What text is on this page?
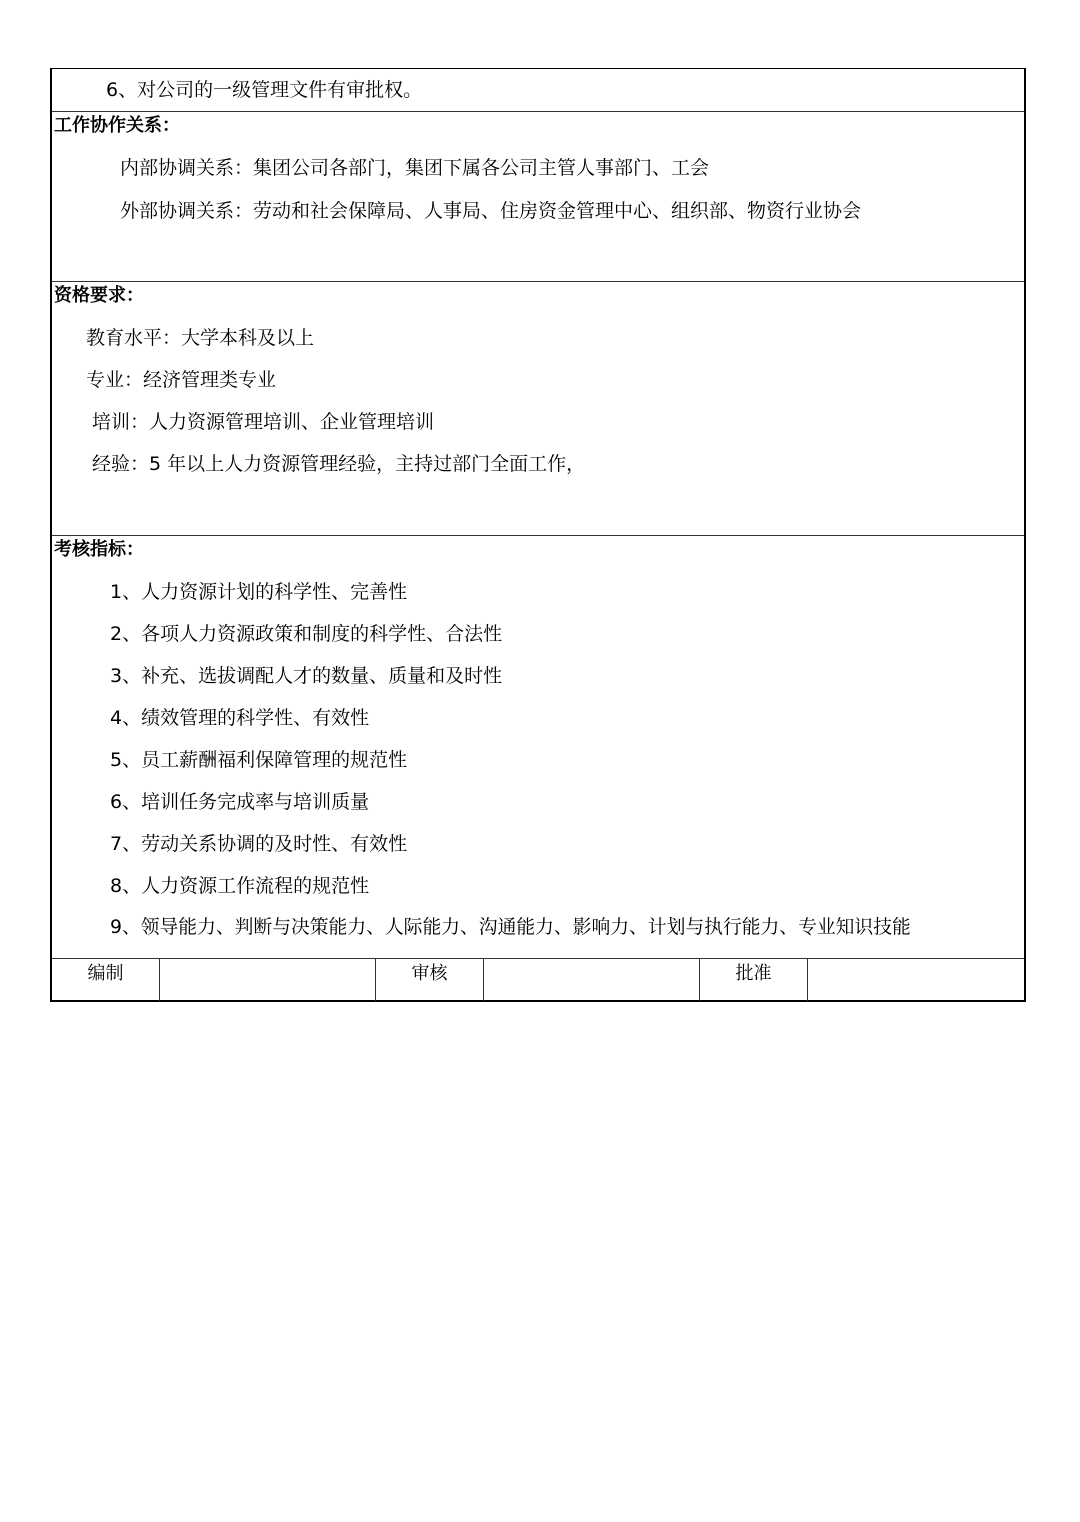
6、对公司的一级管理文件有审批权。
工作协作关系：
内部协调关系：集团公司各部门，集团下属各公司主管人事部门、工会
外部协调关系：劳动和社会保障局、人事局、住房资金管理中心、组织部、物资行业协会
资格要求：
教育水平：大学本科及以上
专业：经济管理类专业
培训：人力资源管理培训、企业管理培训
经验：5 年以上人力资源管理经验，主持过部门全面工作，
考核指标：
1、人力资源计划的科学性、完善性
2、各项人力资源政策和制度的科学性、合法性
3、补充、选拔调配人才的数量、质量和及时性
4、绩效管理的科学性、有效性
5、员工薪酬福利保障管理的规范性
6、培训任务完成率与培训质量
7、劳动关系协调的及时性、有效性
8、人力资源工作流程的规范性
9、领导能力、判断与决策能力、人际能力、沟通能力、影响力、计划与执行能力、专业知识技能
编制	审核	批准
